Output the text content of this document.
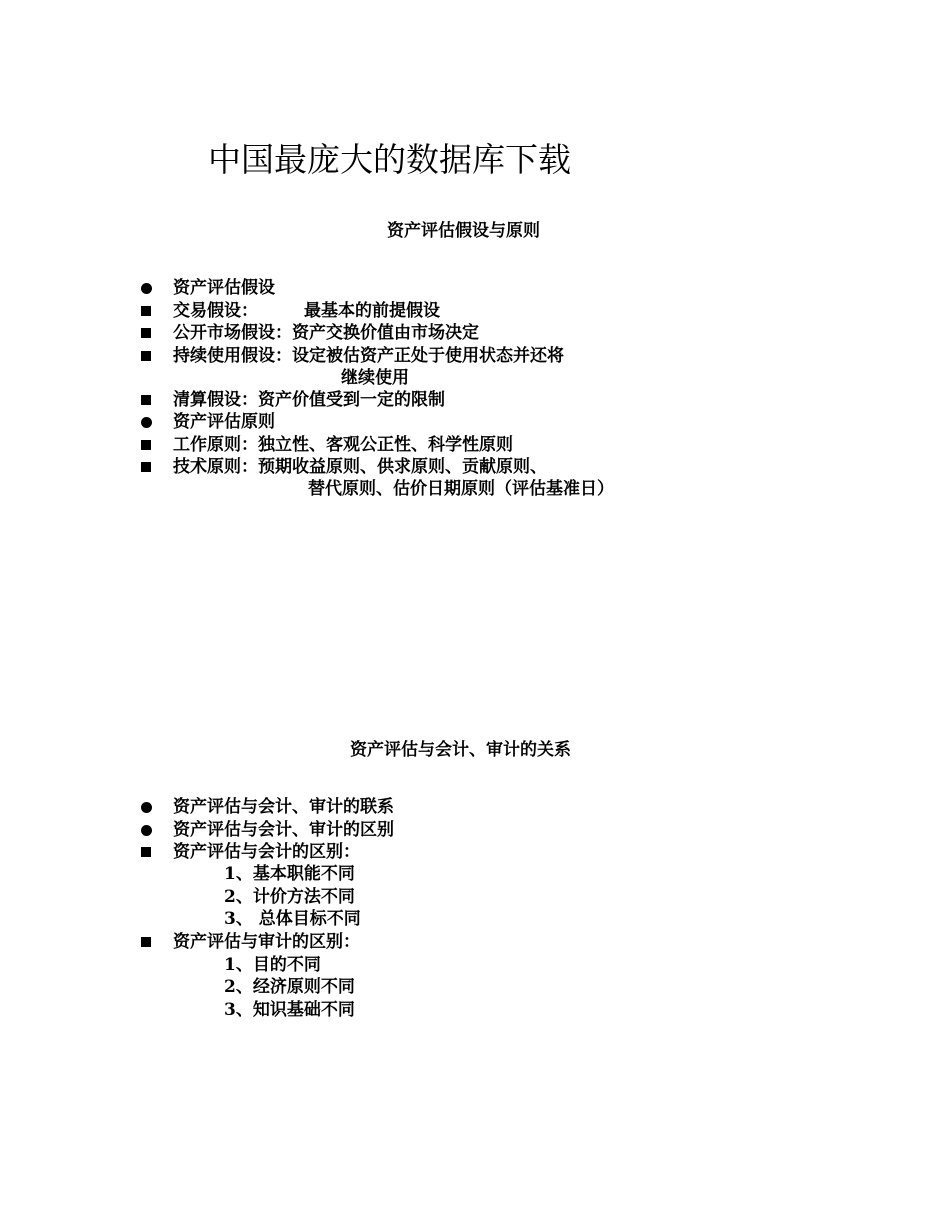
中国最庞大的数据库下载
资产评估假设与原则
资产评估假设
交易假设：	最基本的前提假设
公开市场假设：资产交换价值由市场决定
持续使用假设：设定被估资产正处于使用状态并还将
继续使用
清算假设：资产价值受到一定的限制
资产评估原则
工作原则：独立性、客观公正性、科学性原则
技术原则：预期收益原则、供求原则、贡献原则、
替代原则、估价日期原则（评估基准日）
资产评估与会计、审计的关系
资产评估与会计、审计的联系
资产评估与会计、审计的区别
资产评估与会计的区别：
1、基本职能不同
2、计价方法不同
3、 总体目标不同
资产评估与审计的区别：
1、目的不同
2、经济原则不同
3、知识基础不同
